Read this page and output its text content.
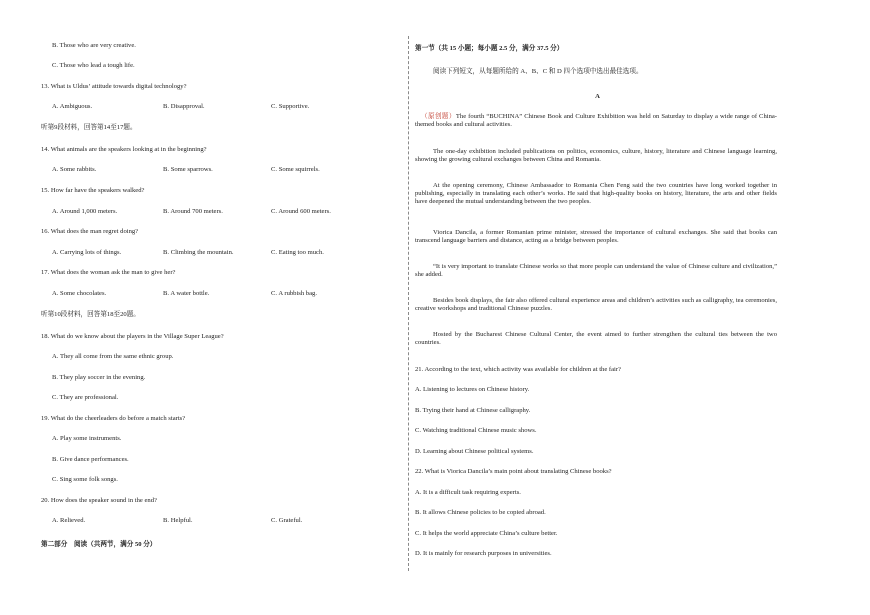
B. Those who are very creative.
C. Those who lead a tough life.
13. What is Uldus’ attitude towards digital technology?
A. Ambiguous.	B. Disapproval.	C. Supportive.
听第9段材料，回答第14至17题。
14. What animals are the speakers looking at in the beginning?
A. Some rabbits.	B. Some sparrows.	C. Some squirrels.
15. How far have the speakers walked?
A. Around 1,000 meters.	B. Around 700 meters.	C. Around 600 meters.
16. What does the man regret doing?
A. Carrying lots of things.	B. Climbing the mountain.	C. Eating too much.
17. What does the woman ask the man to give her?
A. Some chocolates.	B. A water bottle.	C. A rubbish bag.
听第10段材料，回答第18至20题。
18. What do we know about the players in the Village Super League?
A. They all come from the same ethnic group.
B. They play soccer in the evening.
C. They are professional.
19. What do the cheerleaders do before a match starts?
A. Play some instruments.
B. Give dance performances.
C. Sing some folk songs.
20. How does the speaker sound in the end?
A. Relieved.	B. Helpful.	C. Grateful.
第二部分　阅读（共两节，满分 50 分）
第一节（共 15 小题；每小题 2.5 分，满分 37.5 分）
阅读下列短文，从每题所给的 A、B、C 和 D 四个选项中选出最佳选项。
A
（原创题）The fourth “BUCHINA” Chinese Book and Culture Exhibition was held on Saturday to display a wide range of China-themed books and cultural activities.
The one-day exhibition included publications on politics, economics, culture, history, literature and Chinese language learning, showing the growing cultural exchanges between China and Romania.
At the opening ceremony, Chinese Ambassador to Romania Chen Feng said the two countries have long worked together in publishing, especially in translating each other’s works. He said that high-quality books on history, literature, the arts and other fields have deepened the mutual understanding between the two peoples.
Viorica Dancila, a former Romanian prime minister, stressed the importance of cultural exchanges. She said that books can transcend language barriers and distance, acting as a bridge between peoples.
“It is very important to translate Chinese works so that more people can understand the value of Chinese culture and civilization,” she added.
Besides book displays, the fair also offered cultural experience areas and children’s activities such as calligraphy, tea ceremonies, creative workshops and traditional Chinese puzzles.
Hosted by the Bucharest Chinese Cultural Center, the event aimed to further strengthen the cultural ties between the two countries.
21. According to the text, which activity was available for children at the fair?
A. Listening to lectures on Chinese history.
B. Trying their hand at Chinese calligraphy.
C. Watching traditional Chinese music shows.
D. Learning about Chinese political systems.
22. What is Viorica Dancila’s main point about translating Chinese books?
A. It is a difficult task requiring experts.
B. It allows Chinese policies to be copied abroad.
C. It helps the world appreciate China’s culture better.
D. It is mainly for research purposes in universities.
